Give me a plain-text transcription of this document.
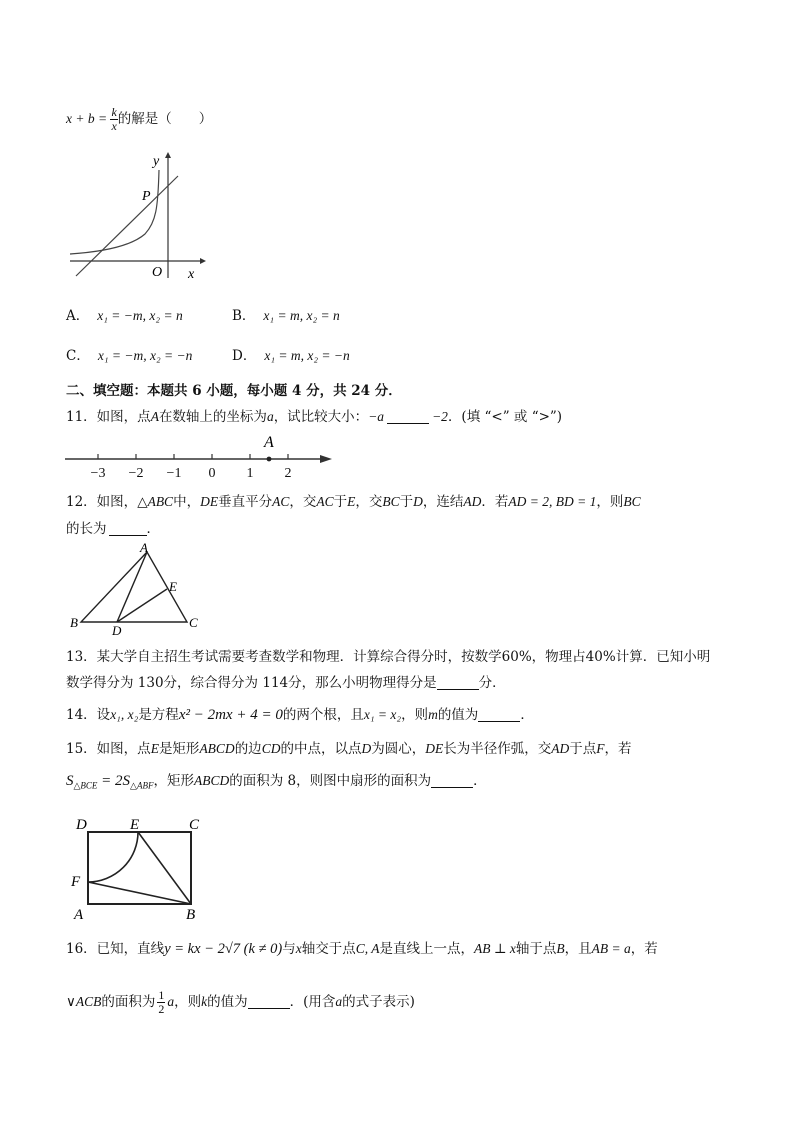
$x + b = \frac{k}{x}$ 的解是（　　）
y
P
O x
A． x₁ = −m, x₂ = n	B． x₁ = m, x₂ = n
C． x₁ = −m, x₂ = −n	D． x₁ = m, x₂ = −n
二、填空题：本题共 6 小题，每小题 4 分，共 24 分．
11．如图，点A在数轴上的坐标为a，试比较大小：−a	−2．(填 “<” 或 “>”)
A
−3 −2 −1 0 1 2
12．如图，△ABC中，DE垂直平分AC，交AC于E，交BC于D，连结AD．若AD = 2, BD = 1，则BC
的长为	．
A
E
B
D
C
13．某大学自主招生考试需要考查数学和物理．计算综合得分时，按数学60%，物理占40%计算．已知小明
数学得分为 130分，综合得分为 114分，那么小明物理得分是	分．
14．设x₁, x₂是方程x² − 2mx + 4 = 0的两个根，且x₁ = x₂，则m的值为	．
15．如图，点E是矩形ABCD的边CD的中点，以点D为圆心，DE长为半径作弧，交AD于点F，若
$S_{\triangle BCE} = 2S_{\triangle ABF}$，矩形ABCD的面积为 8，则图中扇形的面积为	．
D	E	C
F
A	B
16．已知，直线y = kx − 2√7 (k ≠ 0)与x轴交于点C, A是直线上一点，AB ⊥ x轴于点B，且AB = a，若
∨ACB的面积为 $\frac{1}{2}$ a，则k的值为	．(用含a的式子表示)
